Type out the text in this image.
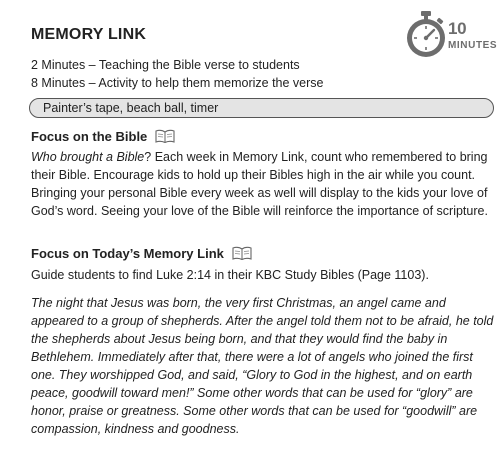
MEMORY LINK	10
MINUTES
2 Minutes – Teaching the Bible verse to students
8 Minutes – Activity to help them memorize the verse
Painter’s tape, beach ball, timer
Focus on the Bible
Who brought a Bible? Each week in Memory Link, count who remembered to bring their Bible. Encourage kids to hold up their Bibles high in the air while you count. Bringing your personal Bible every week as well will display to the kids your love of God’s word. Seeing your love of the Bible will reinforce the importance of scripture.
Focus on Today’s Memory Link
Guide students to find Luke 2:14 in their KBC Study Bibles (Page 1103).
The night that Jesus was born, the very first Christmas, an angel came and appeared to a group of shepherds. After the angel told them not to be afraid, he told the shepherds about Jesus being born, and that they would find the baby in Bethlehem. Immediately after that, there were a lot of angels who joined the first one. They worshipped God, and said, “Glory to God in the highest, and on earth peace, goodwill toward men!” Some other words that can be used for “glory” are honor, praise or greatness. Some other words that can be used for “goodwill” are compassion, kindness and goodness.
